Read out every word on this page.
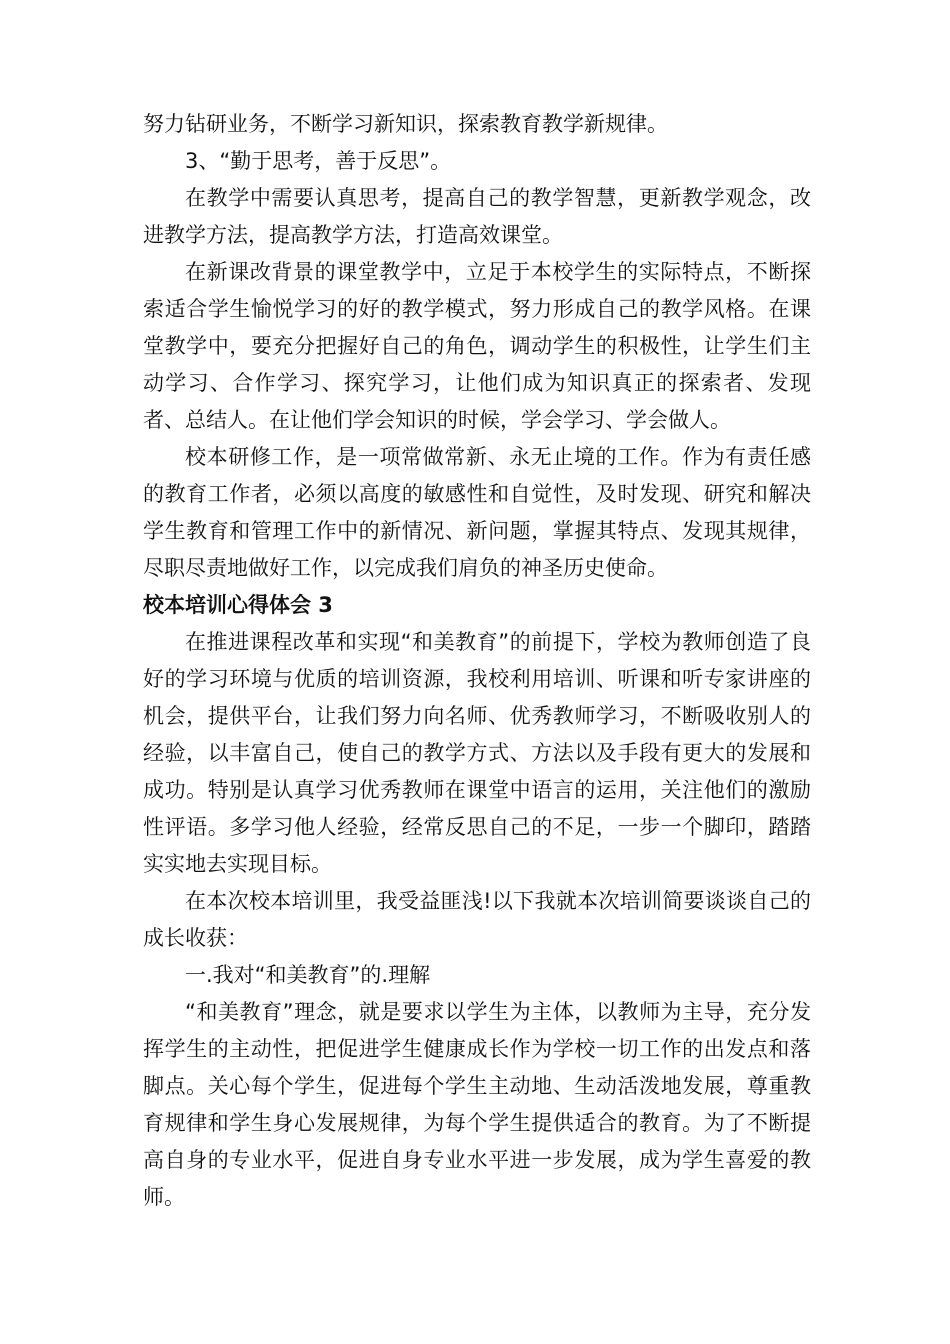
努力钻研业务，不断学习新知识，探索教育教学新规律。

3、“勤于思考，善于反思”。

在教学中需要认真思考，提高自己的教学智慧，更新教学观念，改进教学方法，提高教学方法，打造高效课堂。

在新课改背景的课堂教学中，立足于本校学生的实际特点，不断探索适合学生愉悦学习的好的教学模式，努力形成自己的教学风格。在课堂教学中，要充分把握好自己的角色，调动学生的积极性，让学生们主动学习、合作学习、探究学习，让他们成为知识真正的探索者、发现者、总结人。在让他们学会知识的时候，学会学习、学会做人。

校本研修工作，是一项常做常新、永无止境的工作。作为有责任感的教育工作者，必须以高度的敏感性和自觉性，及时发现、研究和解决学生教育和管理工作中的新情况、新问题，掌握其特点、发现其规律，尽职尽责地做好工作，以完成我们肩负的神圣历史使命。

校本培训心得体会 3

在推进课程改革和实现“和美教育”的前提下，学校为教师创造了良好的学习环境与优质的培训资源，我校利用培训、听课和听专家讲座的机会，提供平台，让我们努力向名师、优秀教师学习，不断吸收别人的经验，以丰富自己，使自己的教学方式、方法以及手段有更大的发展和成功。特别是认真学习优秀教师在课堂中语言的运用，关注他们的激励性评语。多学习他人经验，经常反思自己的不足，一步一个脚印，踏踏实实地去实现目标。

在本次校本培训里，我受益匪浅!以下我就本次培训简要谈谈自己的成长收获：

一.我对“和美教育”的.理解

“和美教育”理念，就是要求以学生为主体，以教师为主导，充分发挥学生的主动性，把促进学生健康成长作为学校一切工作的出发点和落脚点。关心每个学生，促进每个学生主动地、生动活泼地发展，尊重教育规律和学生身心发展规律，为每个学生提供适合的教育。为了不断提高自身的专业水平，促进自身专业水平进一步发展，成为学生喜爱的教师。
